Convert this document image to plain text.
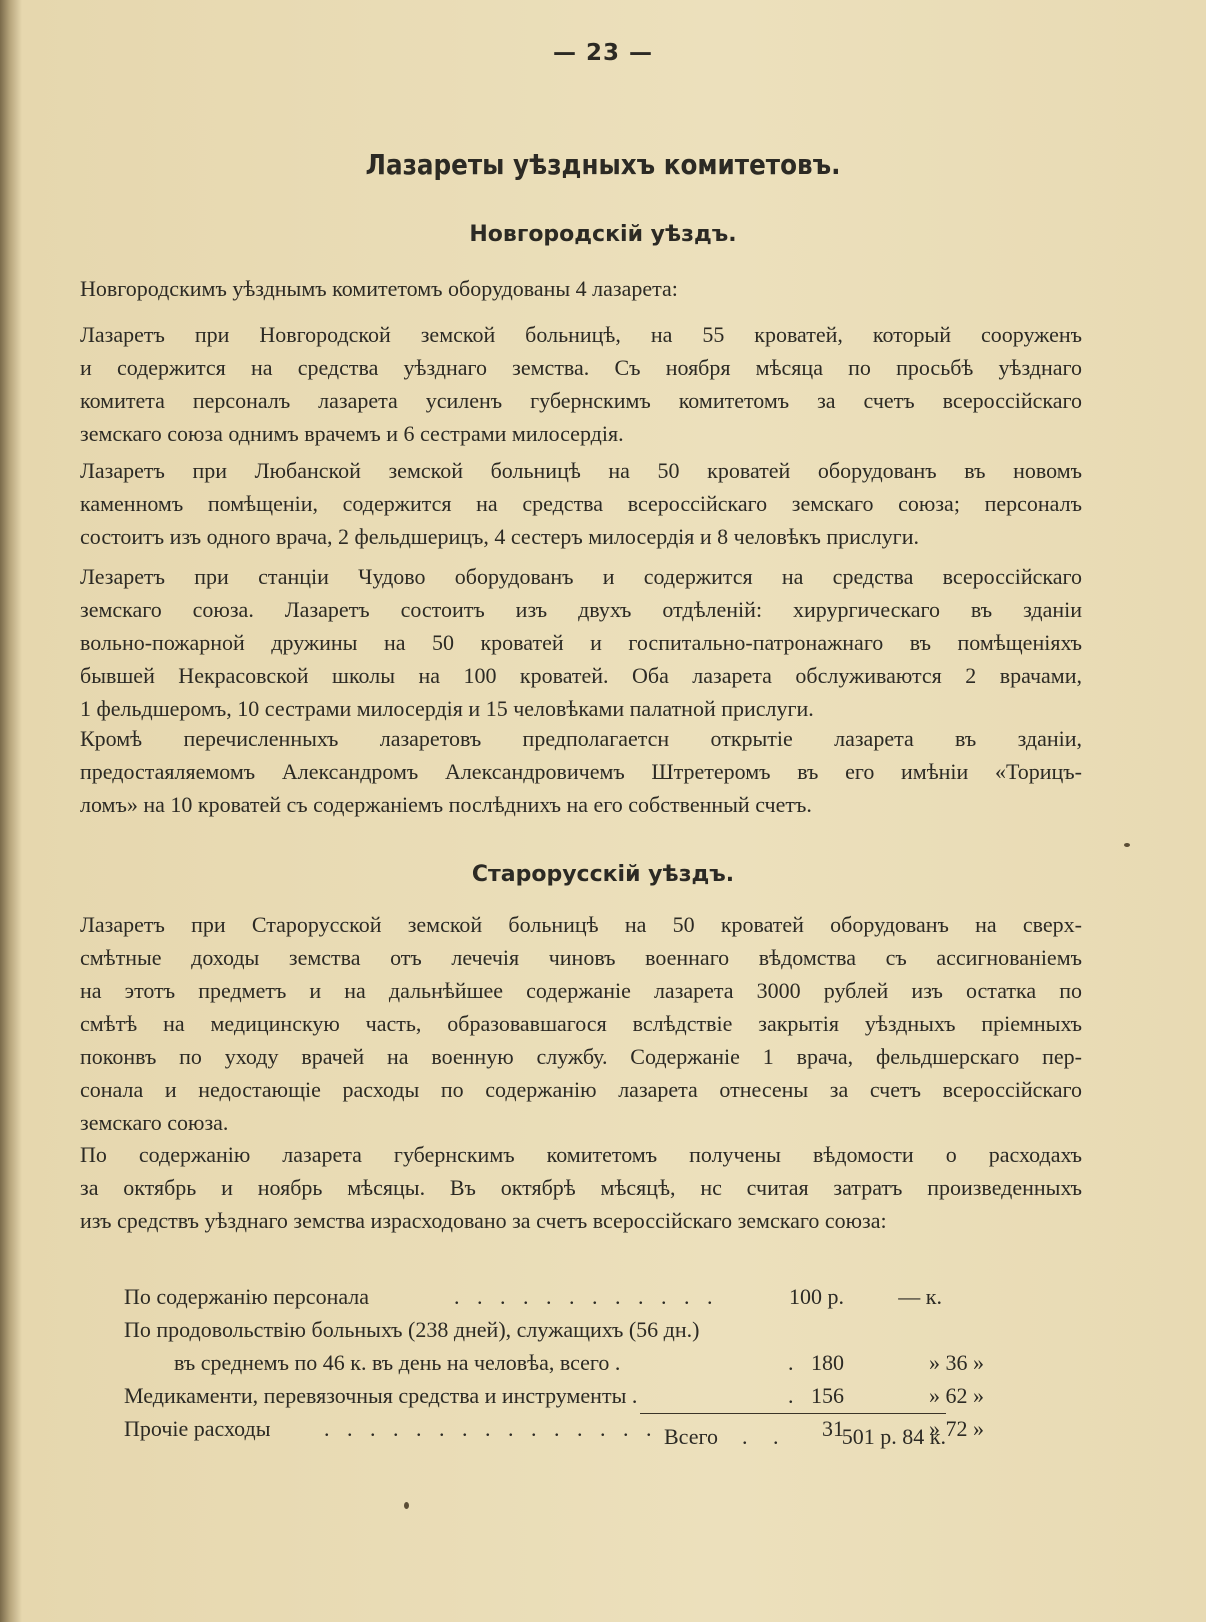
— 23 —
Лазареты уѣздныхъ комитетовъ.
Новгородскій уѣздъ.
Новгородскимъ уѣзднымъ комитетомъ оборудованы 4 лазарета:
Лазаретъ при Новгородской земской больницѣ, на 55 кроватей, который сооруженъ
и содержится на средства уѣзднаго земства. Съ ноября мѣсяца по просьбѣ уѣзднаго
комитета персоналъ лазарета усиленъ губернскимъ комитетомъ за счетъ всероссійскаго
земскаго союза однимъ врачемъ и 6 сестрами милосердія.
Лазаретъ при Любанской земской больницѣ на 50 кроватей оборудованъ въ новомъ
каменномъ помѣщеніи, содержится на средства всероссійскаго земскаго союза; персоналъ
состоитъ изъ одного врача, 2 фельдшерицъ, 4 сестеръ милосердія и 8 человѣкъ прислуги.
Лезаретъ при станціи Чудово оборудованъ и содержится на средства всероссійскаго
земскаго союза. Лазаретъ состоитъ изъ двухъ отдѣленій: хирургическаго въ зданіи
вольно-пожарной дружины на 50 кроватей и госпитально-патронажнаго въ помѣщеніяхъ
бывшей Некрасовской школы на 100 кроватей. Оба лазарета обслуживаются 2 врачами,
1 фельдшеромъ, 10 сестрами милосердія и 15 человѣками палатной прислуги.
Кромѣ перечисленныхъ лазаретовъ предполагаетсн открытіе лазарета въ зданіи,
предостаяляемомъ Александромъ Александровичемъ Штретеромъ въ его имѣніи «Торицъ-
ломъ» на 10 кроватей съ содержаніемъ послѣднихъ на его собственный счетъ.
Старорусскій уѣздъ.
Лазаретъ при Старорусской земской больницѣ на 50 кроватей оборудованъ на сверх-
смѣтные доходы земства отъ лечечія чиновъ военнаго вѣдомства съ ассигнованіемъ
на этотъ предметъ и на дальнѣйшее содержаніе лазарета 3000 рублей изъ остатка по
смѣтѣ на медицинскую часть, образовавшагося вслѣдствіе закрытія уѣздныхъ пріемныхъ
поконвъ по уходу врачей на военную службу. Содержаніе 1 врача, фельдшерскаго пер-
сонала и недостающіе расходы по содержанію лазарета отнесены за счетъ всероссійскаго
земскаго союза.
По содержанію лазарета губернскимъ комитетомъ получены вѣдомости о расходахъ
за октябрь и ноябрь мѣсяцы. Въ октябрѣ мѣсяцѣ, нс считая затратъ произведенныхъ
изъ средствъ уѣзднаго земства израсходовано за счетъ всероссійскаго земскаго союза:
По содержанію персонала	. . . . . . . . . . . .	100 р. — к.
По продовольствію больныхъ (238 дней), служащихъ (56 дн.)
въ среднемъ по 46 к. въ день на человѣа, всего .	. 180	» 36 »
Медикаменти, перевязочныя средства и инструменты .	. 156	» 62 »
Прочіе расходы . . . . . . . . . . . . . . .	31	» 72 »
Всего . . 501 р. 84 к.
